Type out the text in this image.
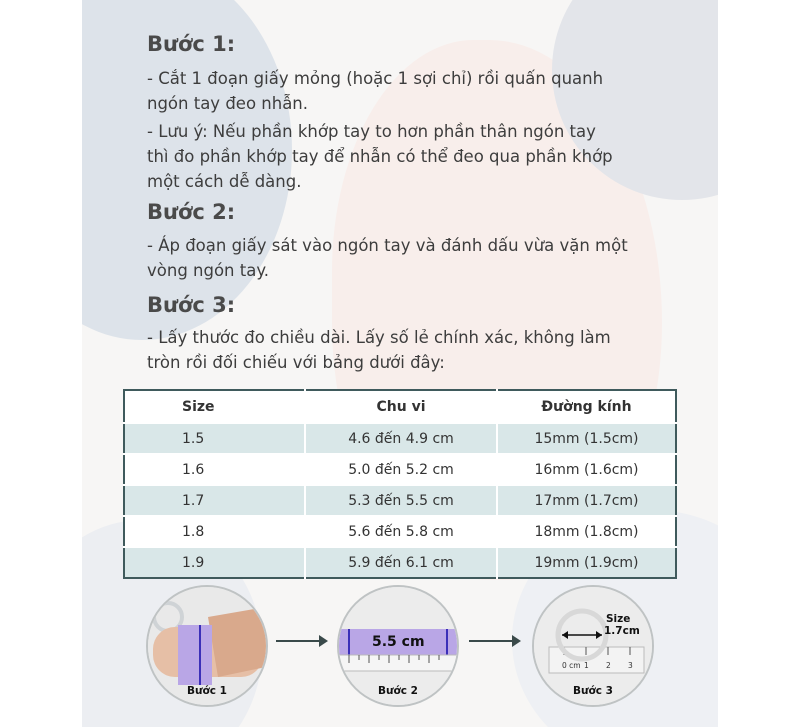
Bước 1:
- Cắt 1 đoạn giấy mỏng (hoặc 1 sợi chỉ) rồi quấn quanh
ngón tay đeo nhẫn.
- Lưu ý: Nếu phần khớp tay to hơn phần thân ngón tay
thì đo phần khớp tay để nhẫn có thể đeo qua phần khớp
một cách dễ dàng.
Bước 2:
- Áp đoạn giấy sát vào ngón tay và đánh dấu vừa vặn một
vòng ngón tay.
Bước 3:
- Lấy thước đo chiều dài. Lấy số lẻ chính xác, không làm
tròn rồi đối chiếu với bảng dưới đây:
Size	Chu vi	Đường kính
1.5	4.6 đến 4.9 cm	15mm (1.5cm)
1.6	5.0 đến 5.2 cm	16mm (1.6cm)
1.7	5.3 đến 5.5 cm	17mm (1.7cm)
1.8	5.6 đến 5.8 cm	18mm (1.8cm)
1.9	5.9 đến 6.1 cm	19mm (1.9cm)
Bước 1
5.5 cm
Bước 2
Size
1.7cm
0 cm 1 2 3
Bước 3
